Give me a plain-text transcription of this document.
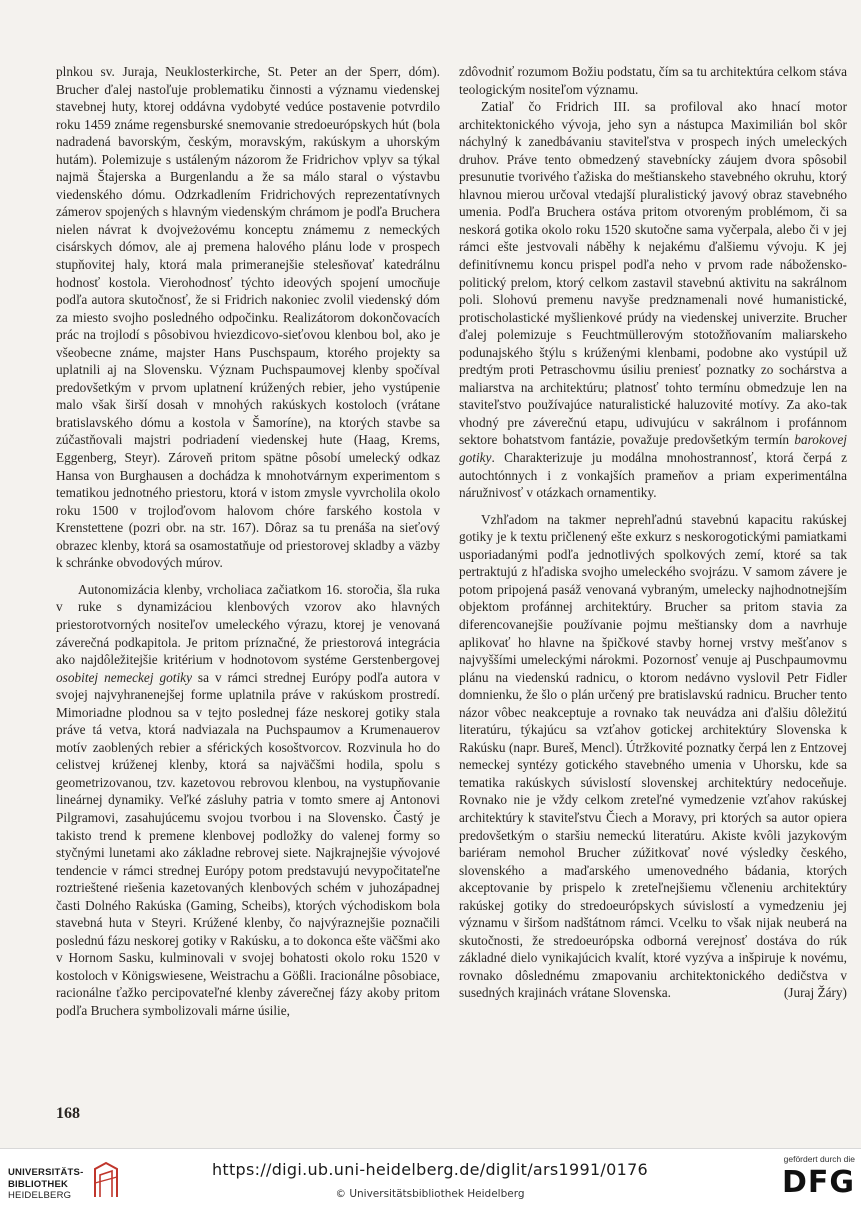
plnkou sv. Juraja, Neuklosterkirche, St. Peter an der Sperr, dóm). Brucher ďalej nastoľuje problematiku činnosti a významu viedenskej stavebnej huty, ktorej oddávna vydobyté vedúce postavenie potvrdilo roku 1459 známe regensburské snemovanie stredoeurópskych hút (bola nadradená bavorským, českým, moravským, rakúskym a uhorským hutám). Polemizuje s ustáleným názorom že Fridrichov vplyv sa týkal najmä Štajerska a Burgenlandu a že sa málo staral o výstavbu viedenského dómu. Odzrkadlením Fridrichových reprezentatívnych zámerov spojených s hlavným viedenským chrámom je podľa Bruchera nielen návrat k dvojveżovému konceptu známemu z nemeckých cisárskych dómov, ale aj premena halového plánu lode v prospech stupňovitej haly, ktorá mala primeranejšie stelesňovať katedrálnu hodnosť kostola. Vierohodnosť týchto ideových spojení umocňuje podľa autora skutočnosť, že si Fridrich nakoniec zvolil viedenský dóm za miesto svojho posledného odpočinku. Realizátorom dokončovacích prác na trojlodí s pôsobivou hviezdicovo-sieťovou klenbou bol, ako je všeobecne známe, majster Hans Puschspaum, ktorého projekty sa uplatnili aj na Slovensku. Význam Puchspaumovej klenby spočíval predovšetkým v prvom uplatnení krúžených rebier, jeho vystúpenie malo však širší dosah v mnohých rakúskych kostoloch (vrátane bratislavského dómu a kostola v Šamoríne), na ktorých stavbe sa zúčastňovali majstri podriadení viedenskej hute (Haag, Krems, Eggenberg, Steyr). Zároveň pritom spätne pôsobí umelecký odkaz Hansa von Burghausen a dochádza k mnohotvárnym experimentom s tematikou jednotného priestoru, ktorá v istom zmysle vyvrcholila okolo roku 1500 v trojloďovom halovom chóre farského kostola v Krenstettene (pozri obr. na str. 167). Dôraz sa tu prenáša na sieťový obrazec klenby, ktorá sa osamostatňuje od priestorovej skladby a väzby k schránke obvodových múrov.

Autonomizácia klenby, vrcholiaca začiatkom 16. storočia, šla ruka v ruke s dynamizáciou klenbových vzorov ako hlavných priestorotvorných nositeľov umeleckého výrazu, ktorej je venovaná záverečná podkapitola. Je pritom príznačné, že priestorová integrácia ako najdôležitejšie kritérium v hodnotovom systéme Gerstenbergovej osobitej nemeckej gotiky sa v rámci strednej Európy podľa autora v svojej najvyhranenejšej forme uplatnila práve v rakúskom prostredí. Mimoriadne plodnou sa v tejto poslednej fáze neskorej gotiky stala práve tá vetva, ktorá nadviazala na Puchspaumov a Krumenauerov motív zaoblených rebier a sférických kosoštvorcov. Rozvinula ho do celistvej krúženej klenby, ktorá sa najväčšmi hodila, spolu s geometrizovanou, tzv. kazetovou rebrovou klenbou, na vystupňovanie lineárnej dynamiky. Veľké zásluhy patria v tomto smere aj Antonovi Pilgramovi, zasahujúcemu svojou tvorbou i na Slovensko. Častý je takisto trend k premene klenbovej podložky do valenej formy so styčnými lunetami ako základne rebrovej siete. Najkrajnejšie vývojové tendencie v rámci strednej Európy potom predstavujú nevypočitateľne roztrieštené riešenia kazetovaných klenbových schém v juhozápadnej časti Dolného Rakúska (Gaming, Scheibs), ktorých východiskom bola stavebná huta v Steyri. Krúžené klenby, čo najvýraznejšie poznačili poslednú fázu neskorej gotiky v Rakúsku, a to dokonca ešte väčšmi ako v Hornom Sasku, kulminovali v svojej bohatosti okolo roku 1520 v kostoloch v Königswiesene, Weistrachu a Gößli. Iracionálne pôsobiace, racionálne ťažko percipovateľné klenby záverečnej fázy akoby pritom podľa Bruchera symbolizovali márne úsilie,

zdôvodniť rozumom Božiu podstatu, čím sa tu architektúra celkom stáva teologickým nositeľom významu.

Zatiaľ čo Fridrich III. sa profiloval ako hnací motor architektonického vývoja, jeho syn a nástupca Maximilián bol skôr náchylný k zanedbávaniu staviteľstva v prospech iných umeleckých druhov. Práve tento obmedzený stavebnícky záujem dvora spôsobil presunutie tvorivého ťažiska do meštianskeho stavebného okruhu, ktorý hlavnou mierou určoval vtedajší pluralistický javový obraz stavebného umenia. Podľa Bruchera ostáva pritom otvoreným problémom, či sa neskorá gotika okolo roku 1520 skutočne sama vyčerpala, alebo či v jej rámci ešte jestvovali náběhy k nejakému ďalšiemu vývoju. K jej definitívnemu koncu prispel podľa neho v prvom rade nábožensko-politický prelom, ktorý celkom zastavil stavebnú aktivitu na sakrálnom poli. Slohovú premenu navyše predznamenali nové humanistické, protischolastické myšlienkové prúdy na viedenskej univerzite. Brucher ďalej polemizuje s Feuchtmüllerovým stotožňovaním maliarskeho podunajského štýlu s krúženými klenbami, podobne ako vystúpil už predtým proti Petraschovmu úsiliu preniesť poznatky zo sochárstva a maliarstva na architektúru; platnosť tohto termínu obmedzuje len na staviteľstvo používajúce naturalistické haluzovité motívy. Za ako-tak vhodný pre záverečnú etapu, udivujúcu v sakrálnom i profánnom sektore bohatstvom fantázie, považuje predovšetkým termín barokovej gotiky. Charakterizuje ju modálna mnohostrannosť, ktorá čerpá z autochtónnych i z vonkajších prameňov a priam experimentálna náružnivosť v otázkach ornamentiky.

Vzhľadom na takmer neprehľadnú stavebnú kapacitu rakúskej gotiky je k textu pričlenený ešte exkurz s neskorogotickými pamiatkami usporiadanými podľa jednotlivých spolkových zemí, ktoré sa tak pertraktujú z hľadiska svojho umeleckého svojrázu. V samom závere je potom pripojená pasáž venovaná vybraným, umelecky najhodnotnejším objektom profánnej architektúry. Brucher sa pritom stavia za diferencovanejšie používanie pojmu meštiansky dom a navrhuje aplikovať ho hlavne na špičkové stavby hornej vrstvy mešťanov s najvyššími umeleckými nárokmi. Pozornosť venuje aj Puschpaumovmu plánu na viedenskú radnicu, o ktorom nedávno vyslovil Petr Fidler domnienku, že šlo o plán určený pre bratislavskú radnicu. Brucher tento názor vôbec neakceptuje a rovnako tak neuvádza ani ďalšiu dôležitú literatúru, týkajúcu sa vzťahov gotickej architektúry Slovenska k Rakúsku (napr. Bureš, Mencl). Útržkovité poznatky čerpá len z Entzovej nemeckej syntézy gotického stavebného umenia v Uhorsku, kde sa tematika rakúskych súvislostí slovenskej architektúry nedoceňuje. Rovnako nie je vždy celkom zreteľné vymedzenie vzťahov rakúskej architektúry k staviteľstvu Čiech a Moravy, pri ktorých sa autor opiera predovšetkým o staršiu nemeckú literatúru. Akiste kvôli jazykovým bariéram nemohol Brucher zúžitkovať nové výsledky českého, slovenského a maďarského umenovedného bádania, ktorých akceptovanie by prispelo k zreteľnejšiemu včleneniu architektúry rakúskej gotiky do stredoeurópskych súvislostí a vymedzeniu jej významu v širšom nadštátnom rámci. Vcelku to však nijak neuberá na skutočnosti, že stredoeurópska odborná verejnosť dostáva do rúk základné dielo vynikajúcich kvalít, ktoré vyzýva a inšpiruje k novému, rovnako dôslednému zmapovaniu architektonického dedičstva v susedných krajinách vrátane Slovenska.	(Juraj Žáry)

168
UNIVERSITÄTS-
BIBLIOTHEK
HEIDELBERG
https://digi.ub.uni-heidelberg.de/diglit/ars1991/0176
© Universitätsbibliothek Heidelberg
gefördert durch die
DFG
